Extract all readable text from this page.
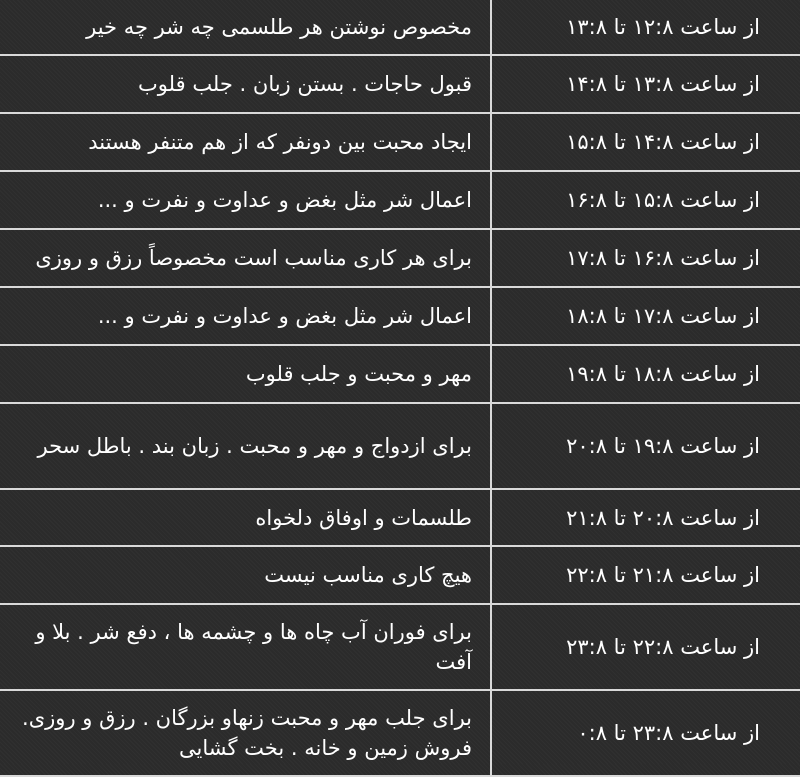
از ساعت ۱۲:۸ تا ۱۳:۸
مخصوص نوشتن هر طلسمی چه شر چه خیر
از ساعت ۱۳:۸ تا ۱۴:۸
قبول حاجات . بستن زبان . جلب قلوب
از ساعت ۱۴:۸ تا ۱۵:۸
ایجاد محبت بین دونفر که از هم متنفر هستند
از ساعت ۱۵:۸ تا ۱۶:۸
اعمال شر مثل بغض و عداوت و نفرت و ...
از ساعت ۱۶:۸ تا ۱۷:۸
برای هر کاری مناسب است مخصوصاً رزق و روزی
از ساعت ۱۷:۸ تا ۱۸:۸
اعمال شر مثل بغض و عداوت و نفرت و ...
از ساعت ۱۸:۸ تا ۱۹:۸
مهر و محبت و جلب قلوب
از ساعت ۱۹:۸ تا ۲۰:۸
برای ازدواج و مهر و محبت . زبان بند . باطل سحر
از ساعت ۲۰:۸ تا ۲۱:۸
طلسمات و اوفاق دلخواه
از ساعت ۲۱:۸ تا ۲۲:۸
هیچ کاری مناسب نیست
از ساعت ۲۲:۸ تا ۲۳:۸
برای فوران آب چاه ها و چشمه ها ، دفع شر . بلا و آفت
از ساعت ۲۳:۸ تا ۰:۸
برای جلب مهر و محبت زنهاو بزرگان . رزق و روزی. فروش زمین و خانه . بخت گشایی
